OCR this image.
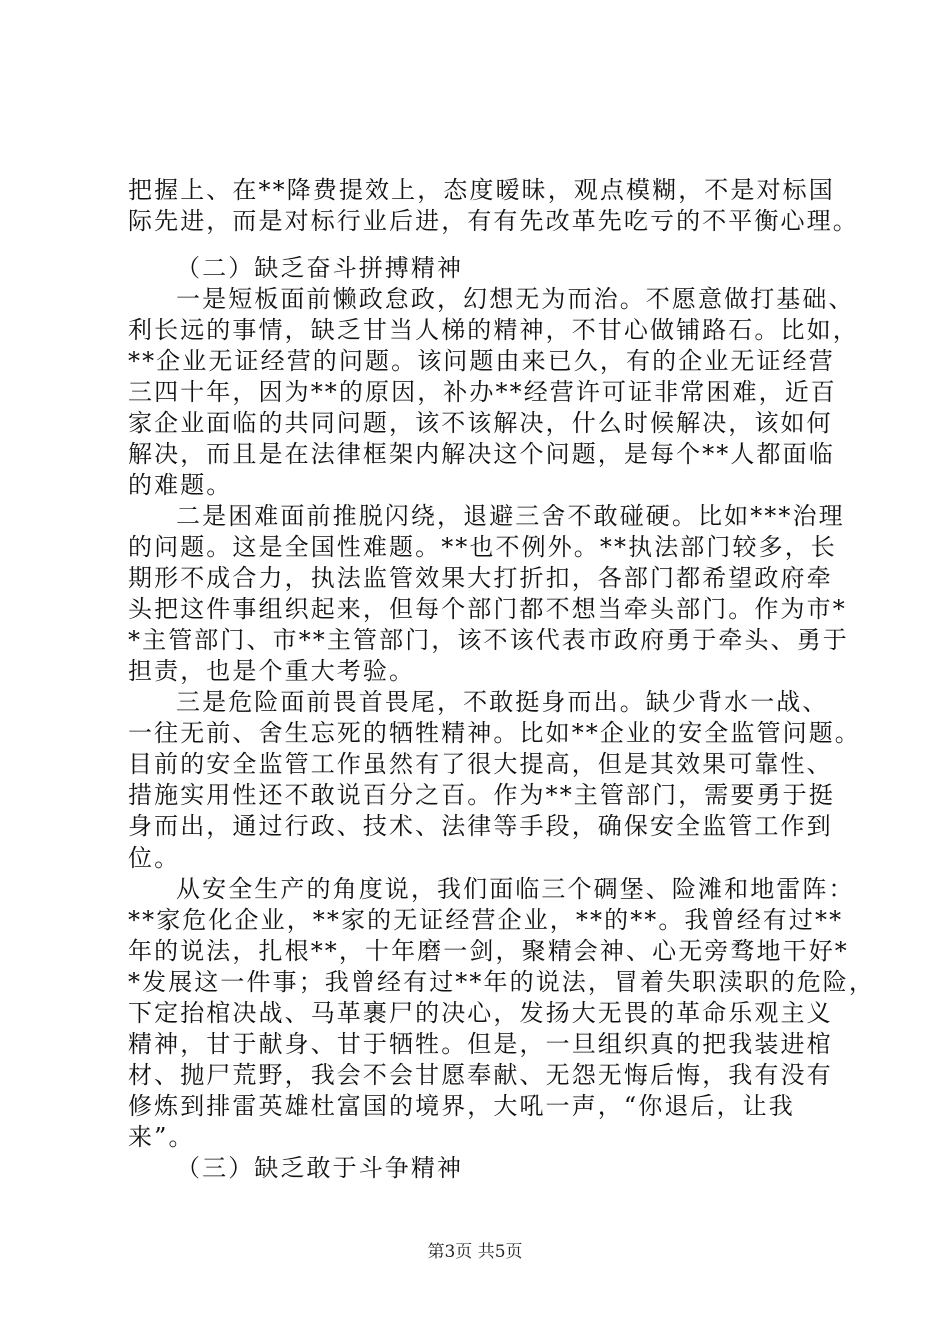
把握上、在**降费提效上，态度暧昧，观点模糊，不是对标国
际先进，而是对标行业后进，有有先改革先吃亏的不平衡心理。
（二）缺乏奋斗拼搏精神
一是短板面前懒政怠政，幻想无为而治。不愿意做打基础、
利长远的事情，缺乏甘当人梯的精神，不甘心做铺路石。比如，
**企业无证经营的问题。该问题由来已久，有的企业无证经营
三四十年，因为**的原因，补办**经营许可证非常困难，近百
家企业面临的共同问题，该不该解决，什么时候解决，该如何
解决，而且是在法律框架内解决这个问题，是每个**人都面临
的难题。
二是困难面前推脱闪绕，退避三舍不敢碰硬。比如***治理
的问题。这是全国性难题。**也不例外。**执法部门较多，长
期形不成合力，执法监管效果大打折扣，各部门都希望政府牵
头把这件事组织起来，但每个部门都不想当牵头部门。作为市*
*主管部门、市**主管部门，该不该代表市政府勇于牵头、勇于
担责，也是个重大考验。
三是危险面前畏首畏尾，不敢挺身而出。缺少背水一战、
一往无前、舍生忘死的牺牲精神。比如**企业的安全监管问题。
目前的安全监管工作虽然有了很大提高，但是其效果可靠性、
措施实用性还不敢说百分之百。作为**主管部门，需要勇于挺
身而出，通过行政、技术、法律等手段，确保安全监管工作到
位。
从安全生产的角度说，我们面临三个碉堡、险滩和地雷阵：
**家危化企业，**家的无证经营企业，**的**。我曾经有过**
年的说法，扎根**，十年磨一剑，聚精会神、心无旁骛地干好*
*发展这一件事；我曾经有过**年的说法，冒着失职渎职的危险，
下定抬棺决战、马革裹尸的决心，发扬大无畏的革命乐观主义
精神，甘于献身、甘于牺牲。但是，一旦组织真的把我装进棺
材、抛尸荒野，我会不会甘愿奉献、无怨无悔后悔，我有没有
修炼到排雷英雄杜富国的境界，大吼一声，“你退后，让我
来”。
（三）缺乏敢于斗争精神
第3页 共5页
